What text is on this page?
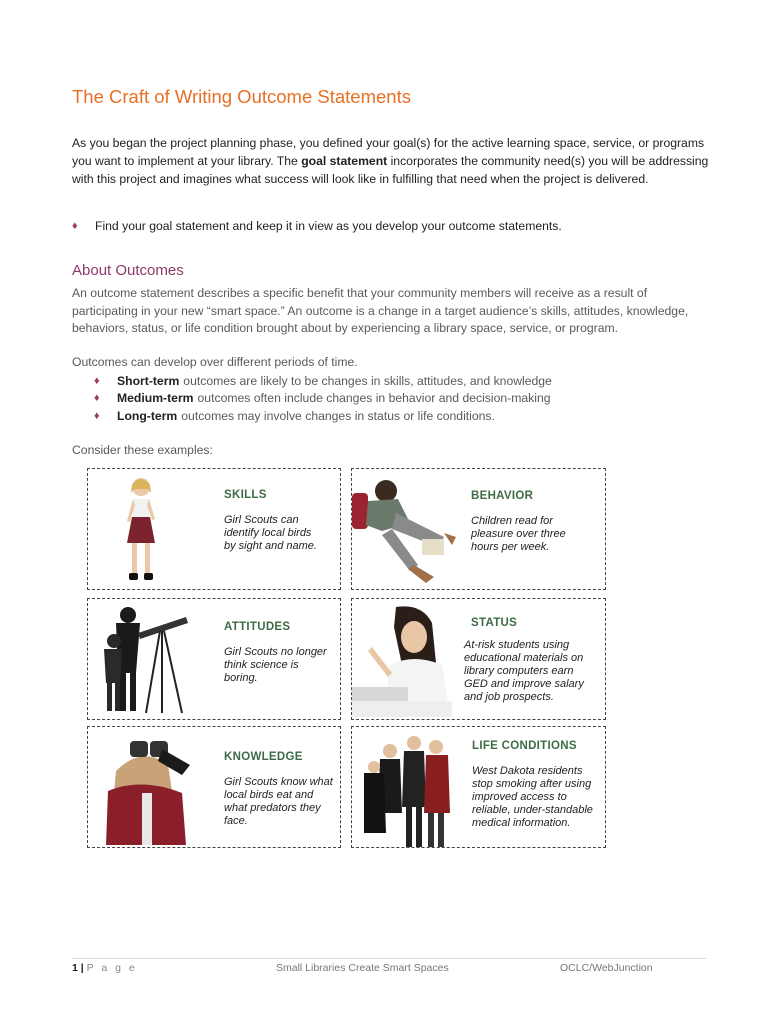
The Craft of Writing Outcome Statements

As you began the project planning phase, you defined your goal(s) for the active learning space, service, or programs you want to implement at your library. The goal statement incorporates the community need(s) you will be addressing with this project and imagines what success will look like in fulfilling that need when the project is delivered.

♦	Find your goal statement and keep it in view as you develop your outcome statements.
About Outcomes

An outcome statement describes a specific benefit that your community members will receive as a result of participating in your new “smart space.” An outcome is a change in a target audience’s skills, attitudes, knowledge, behaviors, status, or life condition brought about by experiencing a library space, service, or program.

Outcomes can develop over different periods of time.

♦	Short-term outcomes are likely to be changes in skills, attitudes, and knowledge
♦	Medium-term outcomes often include changes in behavior and decision-making
♦	Long-term outcomes may involve changes in status or life conditions.

Consider these examples:

SKILLS

Girl Scouts can identify local birds by sight and name.

BEHAVIOR

Children read for pleasure over three hours per week.

ATTITUDES

Girl Scouts no longer think science is boring.

STATUS

At-risk students using educational materials on library computers earn GED and improve salary and job prospects.

KNOWLEDGE

Girl Scouts know what local birds eat and what predators they face.

LIFE CONDITIONS

West Dakota residents stop smoking after using improved access to reliable, under-standable medical information.

1 | P a g e	Small Libraries Create Smart Spaces	OCLC/WebJunction
